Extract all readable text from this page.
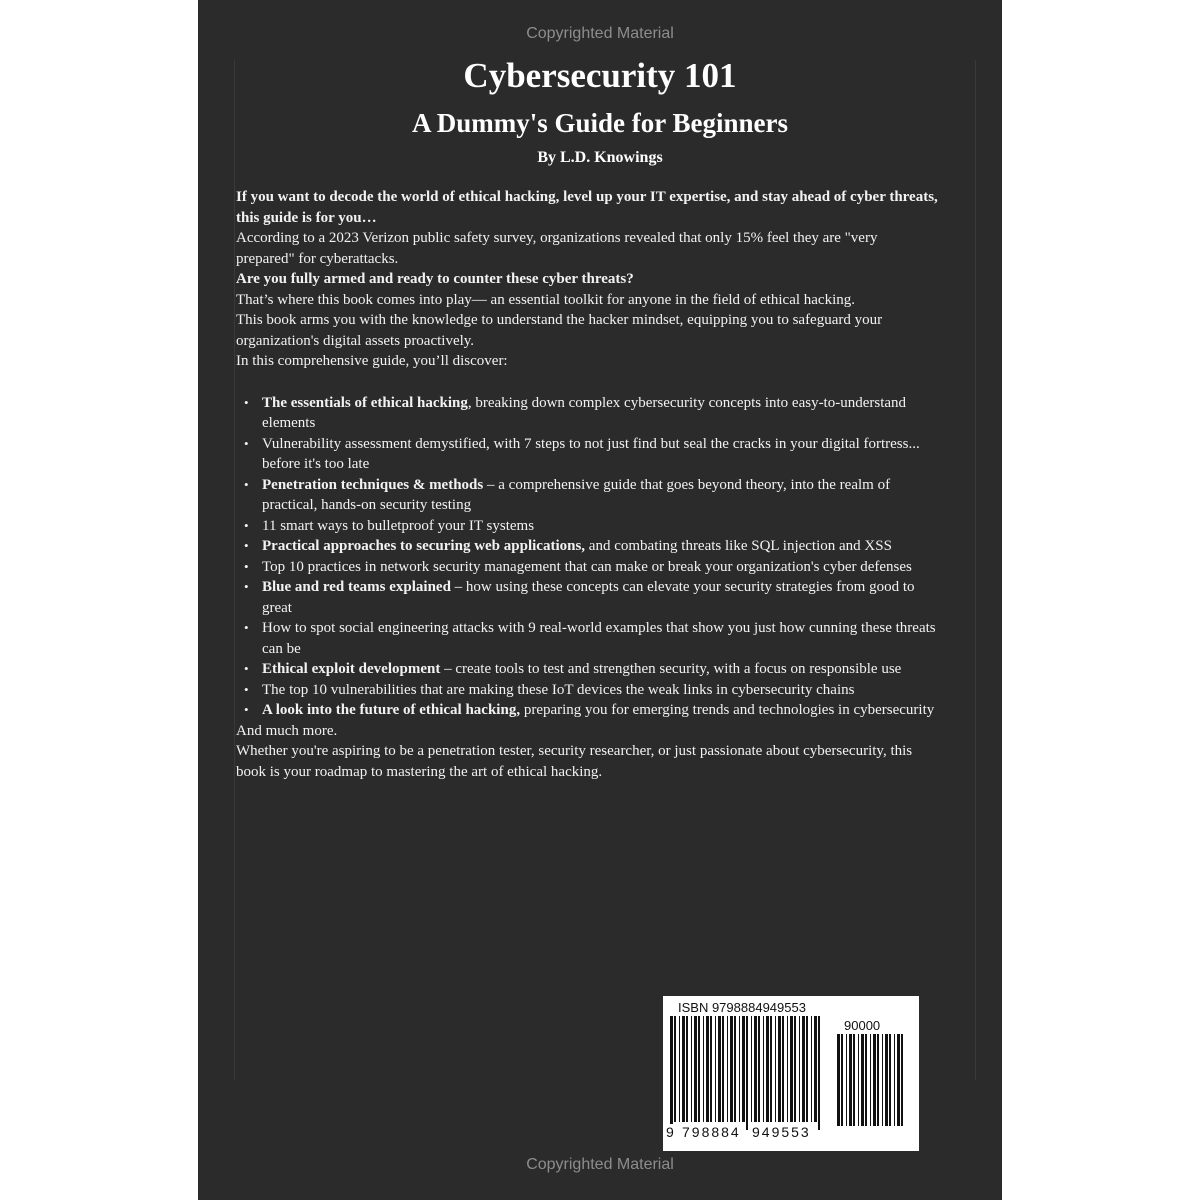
Copyrighted Material
Cybersecurity 101
A Dummy's Guide for Beginners
By L.D. Knowings

If you want to decode the world of ethical hacking, level up your IT expertise, and stay ahead of cyber threats, this guide is for you…

According to a 2023 Verizon public safety survey, organizations revealed that only 15% feel they are "very prepared" for cyberattacks.

Are you fully armed and ready to counter these cyber threats?

That’s where this book comes into play— an essential toolkit for anyone in the field of ethical hacking.

This book arms you with the knowledge to understand the hacker mindset, equipping you to safeguard your organization's digital assets proactively.

In this comprehensive guide, you’ll discover:

• The essentials of ethical hacking, breaking down complex cybersecurity concepts into easy-to-understand elements
• Vulnerability assessment demystified, with 7 steps to not just find but seal the cracks in your digital fortress... before it's too late
• Penetration techniques & methods – a comprehensive guide that goes beyond theory, into the realm of practical, hands-on security testing
• 11 smart ways to bulletproof your IT systems
• Practical approaches to securing web applications, and combating threats like SQL injection and XSS
• Top 10 practices in network security management that can make or break your organization's cyber defenses
• Blue and red teams explained – how using these concepts can elevate your security strategies from good to great
• How to spot social engineering attacks with 9 real-world examples that show you just how cunning these threats can be
• Ethical exploit development – create tools to test and strengthen security, with a focus on responsible use
• The top 10 vulnerabilities that are making these IoT devices the weak links in cybersecurity chains
• A look into the future of ethical hacking, preparing you for emerging trends and technologies in cybersecurity

And much more.

Whether you're aspiring to be a penetration tester, security researcher, or just passionate about cybersecurity, this book is your roadmap to mastering the art of ethical hacking.

ISBN 9798884949553
90000
9 798884 949553
Copyrighted Material
